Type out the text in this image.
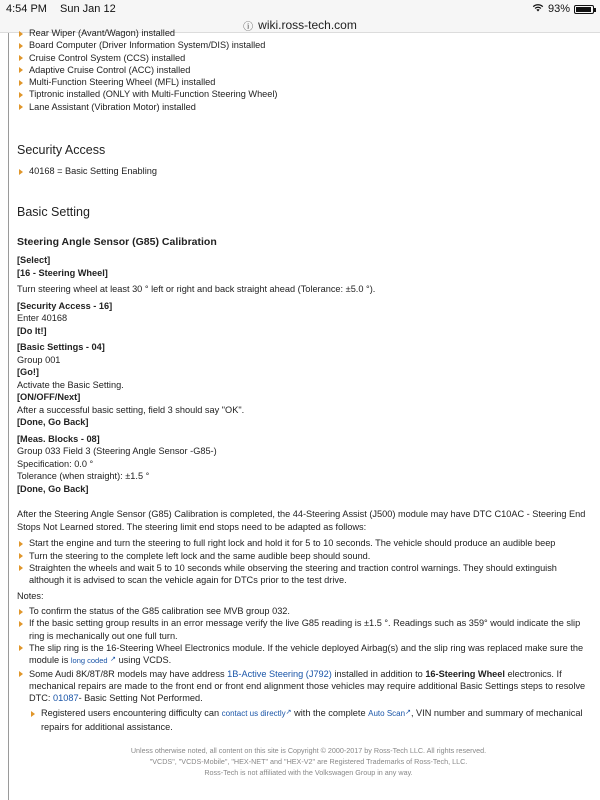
4:54 PM Sun Jan 12	93%
ⓘ wiki.ross-tech.com
Rear Wiper (Avant/Wagon) installed
Board Computer (Driver Information System/DIS) installed
Cruise Control System (CCS) installed
Adaptive Cruise Control (ACC) installed
Multi-Function Steering Wheel (MFL) installed
Tiptronic installed (ONLY with Multi-Function Steering Wheel)
Lane Assistant (Vibration Motor) installed
Security Access
40168 = Basic Setting Enabling
Basic Setting
Steering Angle Sensor (G85) Calibration
[Select]
[16 - Steering Wheel]
Turn steering wheel at least 30 ° left or right and back straight ahead (Tolerance: ±5.0 °).
[Security Access - 16]
Enter 40168
[Do It!]
[Basic Settings - 04]
Group 001
[Go!]
Activate the Basic Setting.
[ON/OFF/Next]
After a successful basic setting, field 3 should say "OK".
[Done, Go Back]
[Meas. Blocks - 08]
Group 033 Field 3 (Steering Angle Sensor -G85-)
Specification: 0.0 °
Tolerance (when straight): ±1.5 °
[Done, Go Back]
After the Steering Angle Sensor (G85) Calibration is completed, the 44-Steering Assist (J500) module may have DTC C10AC - Steering End Stops Not Learned stored. The steering limit end stops need to be adapted as follows:
Start the engine and turn the steering to full right lock and hold it for 5 to 10 seconds. The vehicle should produce an audible beep
Turn the steering to the complete left lock and the same audible beep should sound.
Straighten the wheels and wait 5 to 10 seconds while observing the steering and traction control warnings. They should extinguish although it is advised to scan the vehicle again for DTCs prior to the test drive.
Notes:
To confirm the status of the G85 calibration see MVB group 032.
If the basic setting group results in an error message verify the live G85 reading is ±1.5 °. Readings such as 359° would indicate the slip ring is mechanically out one full turn.
The slip ring is the 16-Steering Wheel Electronics module. If the vehicle deployed Airbag(s) and the slip ring was replaced make sure the module is long coded ↗ using VCDS.
Some Audi 8K/8T/8R models may have address 1B-Active Steering (J792) installed in addition to 16-Steering Wheel electronics. If mechanical repairs are made to the front end or front end alignment those vehicles may require additional Basic Settings steps to resolve DTC: 01087- Basic Setting Not Performed.
Registered users encountering difficulty can contact us directly↗ with the complete Auto Scan↗, VIN number and summary of mechanical repairs for additional assistance.
Unless otherwise noted, all content on this site is Copyright © 2000-2017 by Ross-Tech LLC. All rights reserved.
"VCDS", "VCDS-Mobile", "HEX-NET" and "HEX-V2" are Registered Trademarks of Ross-Tech, LLC.
Ross-Tech is not affiliated with the Volkswagen Group in any way.
